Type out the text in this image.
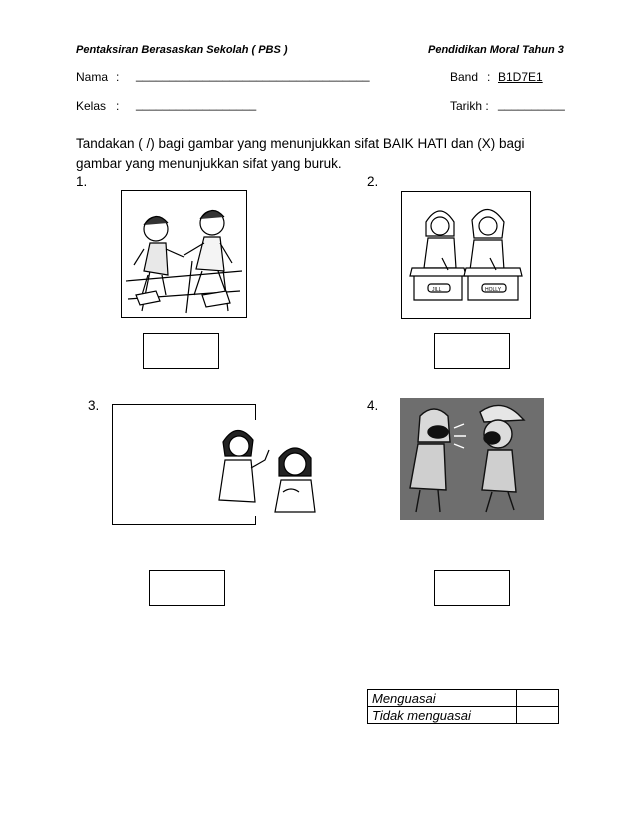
Pentaksiran Berasaskan Sekolah ( PBS )	Pendidikan Moral Tahun 3
Nama : ___________________________________	Band : B1D7E1
Kelas : __________________	Tarikh : __________
Tandakan ( /) bagi gambar yang menunjukkan sifat BAIK HATI dan (X) bagi gambar yang menunjukkan sifat yang buruk.
1.	2.
JILL	HOLLY
3.	4.
Menguasai	
Tidak menguasai	
